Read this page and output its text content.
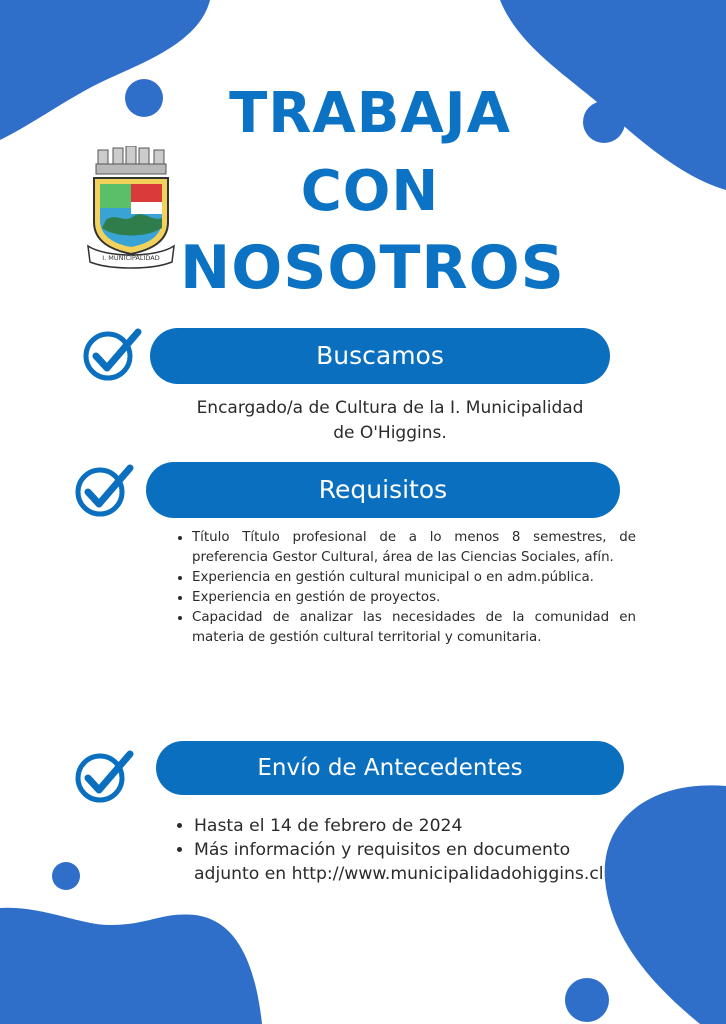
TRABAJA
CON
NOSOTROS
I. MUNICIPALIDAD
Buscamos
Encargado/a de Cultura de la I. Municipalidad
de O'Higgins.
Requisitos
• Título Título profesional de a lo menos 8 semestres, de preferencia Gestor Cultural, área de las Ciencias Sociales, afín.
• Experiencia en gestión cultural municipal o en adm.pública.
• Experiencia en gestión de proyectos.
• Capacidad de analizar las necesidades de la comunidad en materia de gestión cultural territorial y comunitaria.
Envío de Antecedentes
• Hasta el 14 de febrero de 2024
• Más información y requisitos en documento adjunto en http://www.municipalidadohiggins.cl
